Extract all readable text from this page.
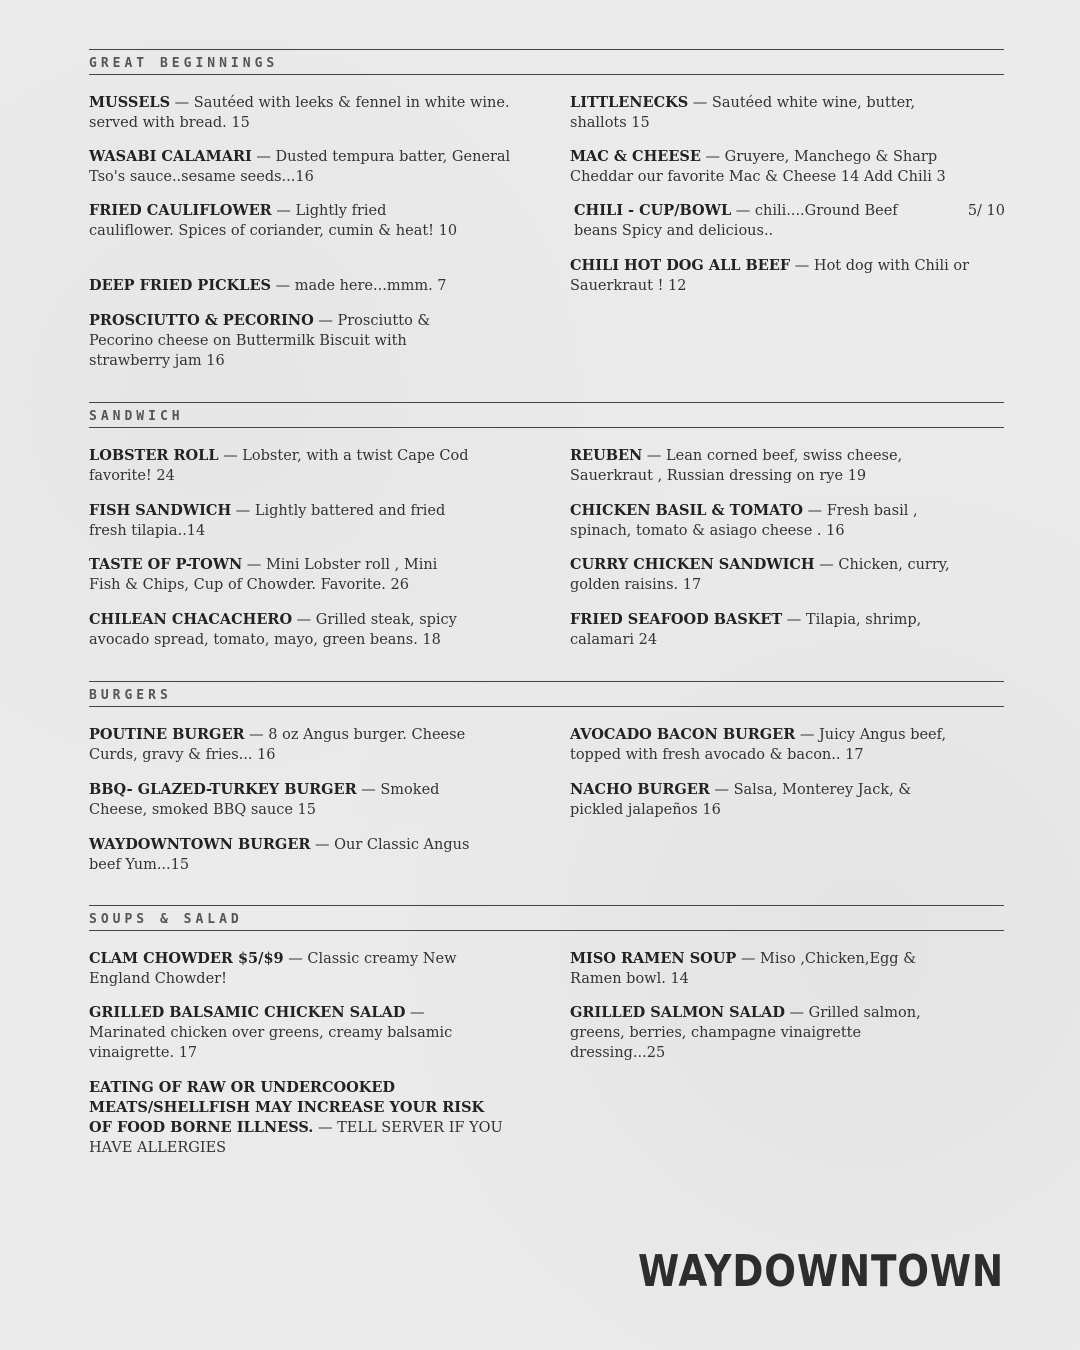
GREAT BEGINNINGS
MUSSELS — Sautéed with leeks & fennel in white wine. served with bread. 15
WASABI CALAMARI — Dusted tempura batter, General Tso's sauce..sesame seeds...16
FRIED CAULIFLOWER — Lightly fried cauliflower. Spices of coriander, cumin & heat! 10
DEEP FRIED PICKLES — made here...mmm. 7
PROSCIUTTO & PECORINO — Prosciutto & Pecorino cheese on Buttermilk Biscuit with strawberry jam 16
LITTLENECKS — Sautéed white wine, butter, shallots 15
MAC & CHEESE — Gruyere, Manchego & Sharp Cheddar our favorite Mac & Cheese 14 Add Chili 3
CHILI - CUP/BOWL — chili....Ground Beef beans Spicy and delicious..
5/ 10
CHILI HOT DOG ALL BEEF — Hot dog with Chili or Sauerkraut ! 12
SANDWICH
LOBSTER ROLL — Lobster, with a twist Cape Cod favorite! 24
FISH SANDWICH — Lightly battered and fried fresh tilapia..14
TASTE OF P-TOWN — Mini Lobster roll , Mini Fish & Chips, Cup of Chowder. Favorite. 26
CHILEAN CHACACHERO — Grilled steak, spicy avocado spread, tomato, mayo, green beans. 18
REUBEN — Lean corned beef, swiss cheese, Sauerkraut , Russian dressing on rye 19
CHICKEN BASIL & TOMATO — Fresh basil , spinach, tomato & asiago cheese . 16
CURRY CHICKEN SANDWICH — Chicken, curry, golden raisins. 17
FRIED SEAFOOD BASKET — Tilapia, shrimp, calamari 24
BURGERS
POUTINE BURGER — 8 oz Angus burger. Cheese Curds, gravy & fries... 16
BBQ- GLAZED-TURKEY BURGER — Smoked Cheese, smoked BBQ sauce 15
WAYDOWNTOWN BURGER — Our Classic Angus beef Yum...15
AVOCADO BACON BURGER — Juicy Angus beef, topped with fresh avocado & bacon.. 17
NACHO BURGER — Salsa, Monterey Jack, & pickled jalapeños 16
SOUPS & SALAD
CLAM CHOWDER $5/$9 — Classic creamy New England Chowder!
GRILLED BALSAMIC CHICKEN SALAD — Marinated chicken over greens, creamy balsamic vinaigrette. 17
MISO RAMEN SOUP — Miso ,Chicken,Egg & Ramen bowl. 14
GRILLED SALMON SALAD — Grilled salmon, greens, berries, champagne vinaigrette dressing...25
EATING OF RAW OR UNDERCOOKED MEATS/SHELLFISH MAY INCREASE YOUR RISK OF FOOD BORNE ILLNESS. — TELL SERVER IF YOU HAVE ALLERGIES
WAYDOWNTOWN
